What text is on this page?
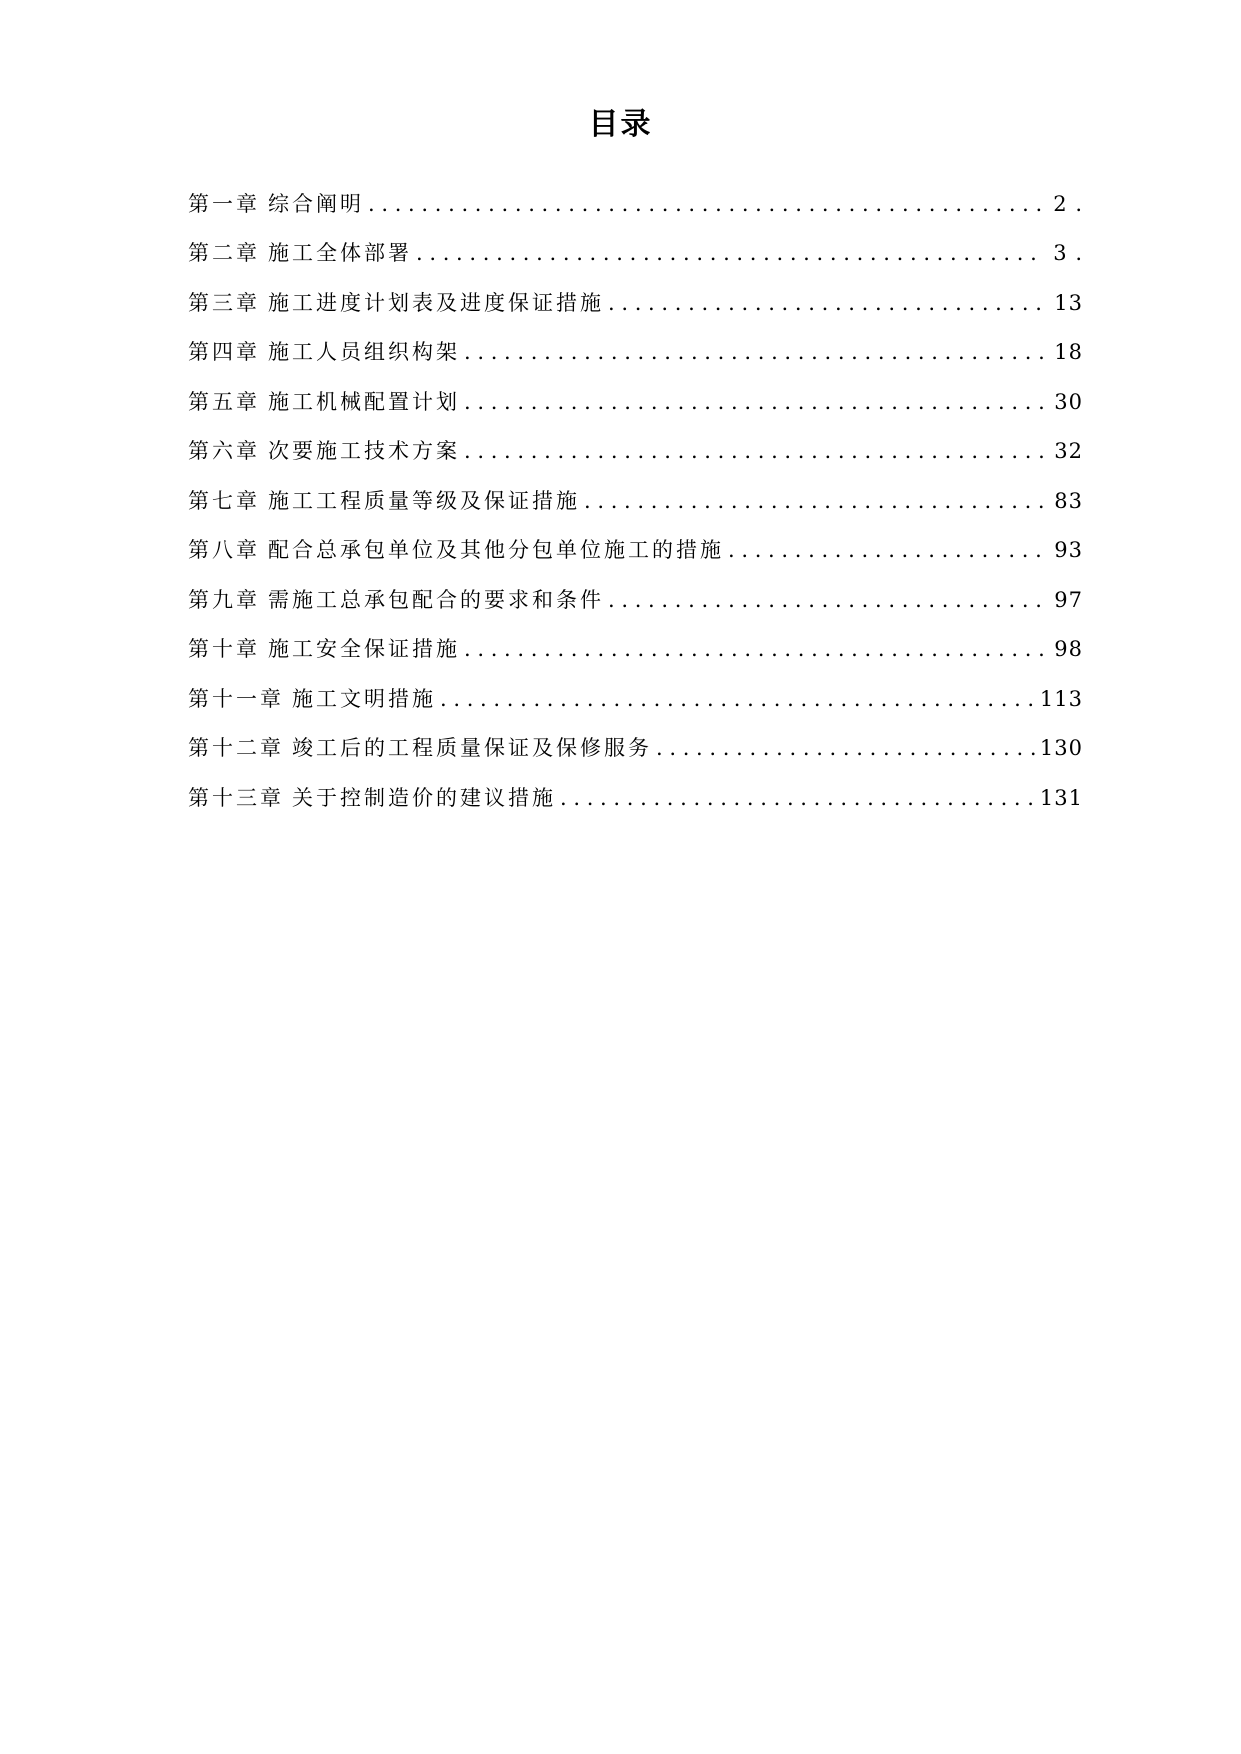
目录
第一章 综合阐明 . . .	2 .
第二章 施工全体部署 . . .	3 .
第三章 施工进度计划表及进度保证措施 . . .	13
第四章 施工人员组织构架 . . .	18
第五章 施工机械配置计划 . . .	30
第六章 次要施工技术方案 . . .	32
第七章 施工工程质量等级及保证措施 . . .	83
第八章 配合总承包单位及其他分包单位施工的措施 . . .	93
第九章 需施工总承包配合的要求和条件 . . .	97
第十章 施工安全保证措施 . . .	98
第十一章 施工文明措施 . . .	113
第十二章 竣工后的工程质量保证及保修服务 . . .	130
第十三章 关于控制造价的建议措施 . . .	131
